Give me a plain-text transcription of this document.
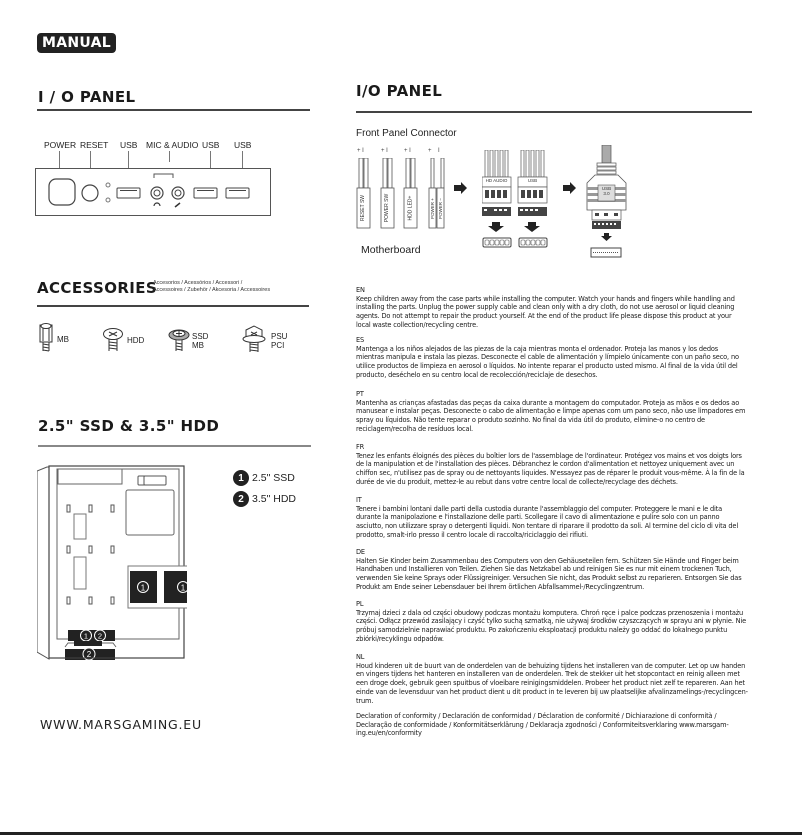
MANUAL
I / O PANEL
POWER RESET USB MIC & AUDIO USB USB
ACCESSORIES
Accesorios / Acessórios / Accessori /
Accessoires / Zubehör / Akcesoria / Accessoires
MB	HDD	SSD
MB
PSU
PCI
2.5" SSD & 3.5" HDD
1	1
1 2
2
1 2.5" SSD
2 3.5" HDD
WWW.MARSGAMING.EU
I/O PANEL
Front Panel Connector
+ I	+ I	+ I	+ I
RESET SW	POWER SW	HDD LED+	POWER + POWER −
Motherboard
HD AUDIO	USB
USB
3.0
EN
Keep children away from the case parts while installing the computer. Watch your hands and fingers while handling and installing the parts. Unplug the power supply cable and clean only with a dry cloth, do not use aerosol or liquid cleaning agents. Do not attempt to repair the product yourself. At the end of the product life please dispose this product at your local waste collection/recycling centre.
ES
Mantenga a los niños alejados de las piezas de la caja mientras monta el ordenador. Proteja las manos y los dedos mientras manipula e instala las piezas. Desconecte el cable de alimentación y límpielo únicamente con un paño seco, no utilice productos de limpieza en aerosol o líquidos. No intente reparar el producto usted mismo. Al final de la vida útil del producto, deséchelo en su centro local de recolección/reciclaje de desechos.
PT
Mantenha as crianças afastadas das peças da caixa durante a montagem do computador. Proteja as mãos e os dedos ao manusear e instalar peças. Desconecte o cabo de alimentação e limpe apenas com um pano seco, não use limpadores em spray ou líquidos. Não tente reparar o produto sozinho. No final da vida útil do produto, elimine-o no centro de reciclagem/recolha de resíduos local.
FR
Tenez les enfants éloignés des pièces du boîtier lors de l'assemblage de l'ordinateur. Protégez vos mains et vos doigts lors de la manipulation et de l'installation des pièces. Débranchez le cordon d'alimentation et nettoyez uniquement avec un chiffon sec, n'utilisez pas de spray ou de nettoyants liquides. N'essayez pas de réparer le produit vous-même. À la fin de la durée de vie du produit, mettez-le au rebut dans votre centre local de collecte/recyclage des déchets.
IT
Tenere i bambini lontani dalle parti della custodia durante l'assemblaggio del computer. Proteggere le mani e le dita durante la manipolazione e l'installazione delle parti. Scollegare il cavo di alimentazione e pulire solo con un panno asciutto, non utilizzare spray o detergenti liquidi. Non tentare di riparare il prodotto da soli. Al termine del ciclo di vita del prodotto, smalt-irlo presso il centro locale di raccolta/riciclaggio dei rifiuti.
DE
Halten Sie Kinder beim Zusammenbau des Computers von den Gehäuseteilen fern. Schützen Sie Hände und Finger beim Handhaben und Installieren von Teilen. Ziehen Sie das Netzkabel ab und reinigen Sie es nur mit einem trockenen Tuch, verwenden Sie keine Sprays oder Flüssigreiniger. Versuchen Sie nicht, das Produkt selbst zu reparieren. Entsorgen Sie das Produkt am Ende seiner Lebensdauer bei Ihrem örtlichen Abfallsammel-/Recyclingzentrum.
PL
Trzymaj dzieci z dala od części obudowy podczas montażu komputera. Chroń ręce i palce podczas przenoszenia i montażu części. Odłącz przewód zasilający i czyść tylko suchą szmatką, nie używaj środków czyszczących w sprayu ani w płynie. Nie próbuj samodzielnie naprawiać produktu. Po zakończeniu eksploatacji produktu należy go oddać do lokalnego punktu zbiórki/recyklingu odpadów.
NL
Houd kinderen uit de buurt van de onderdelen van de behuizing tijdens het installeren van de computer. Let op uw handen en vingers tijdens het hanteren en installeren van de onderdelen. Trek de stekker uit het stopcontact en reinig alleen met een droge doek, gebruik geen spuitbus of vloeibare reinigingsmiddelen. Probeer het product niet zelf te repareren. Aan het einde van de levensduur van het product dient u dit product in te leveren bij uw plaatselijke afvalinzamelings-/recyclingcen-trum.
Declaration of conformity / Declaración de conformidad / Déclaration de conformité / Dichiarazione di conformità / Declaração de conformidade / Konformitätserklärung / Deklaracja zgodności / Conformiteitsverklaring www.marsgam-ing.eu/en/conformity
